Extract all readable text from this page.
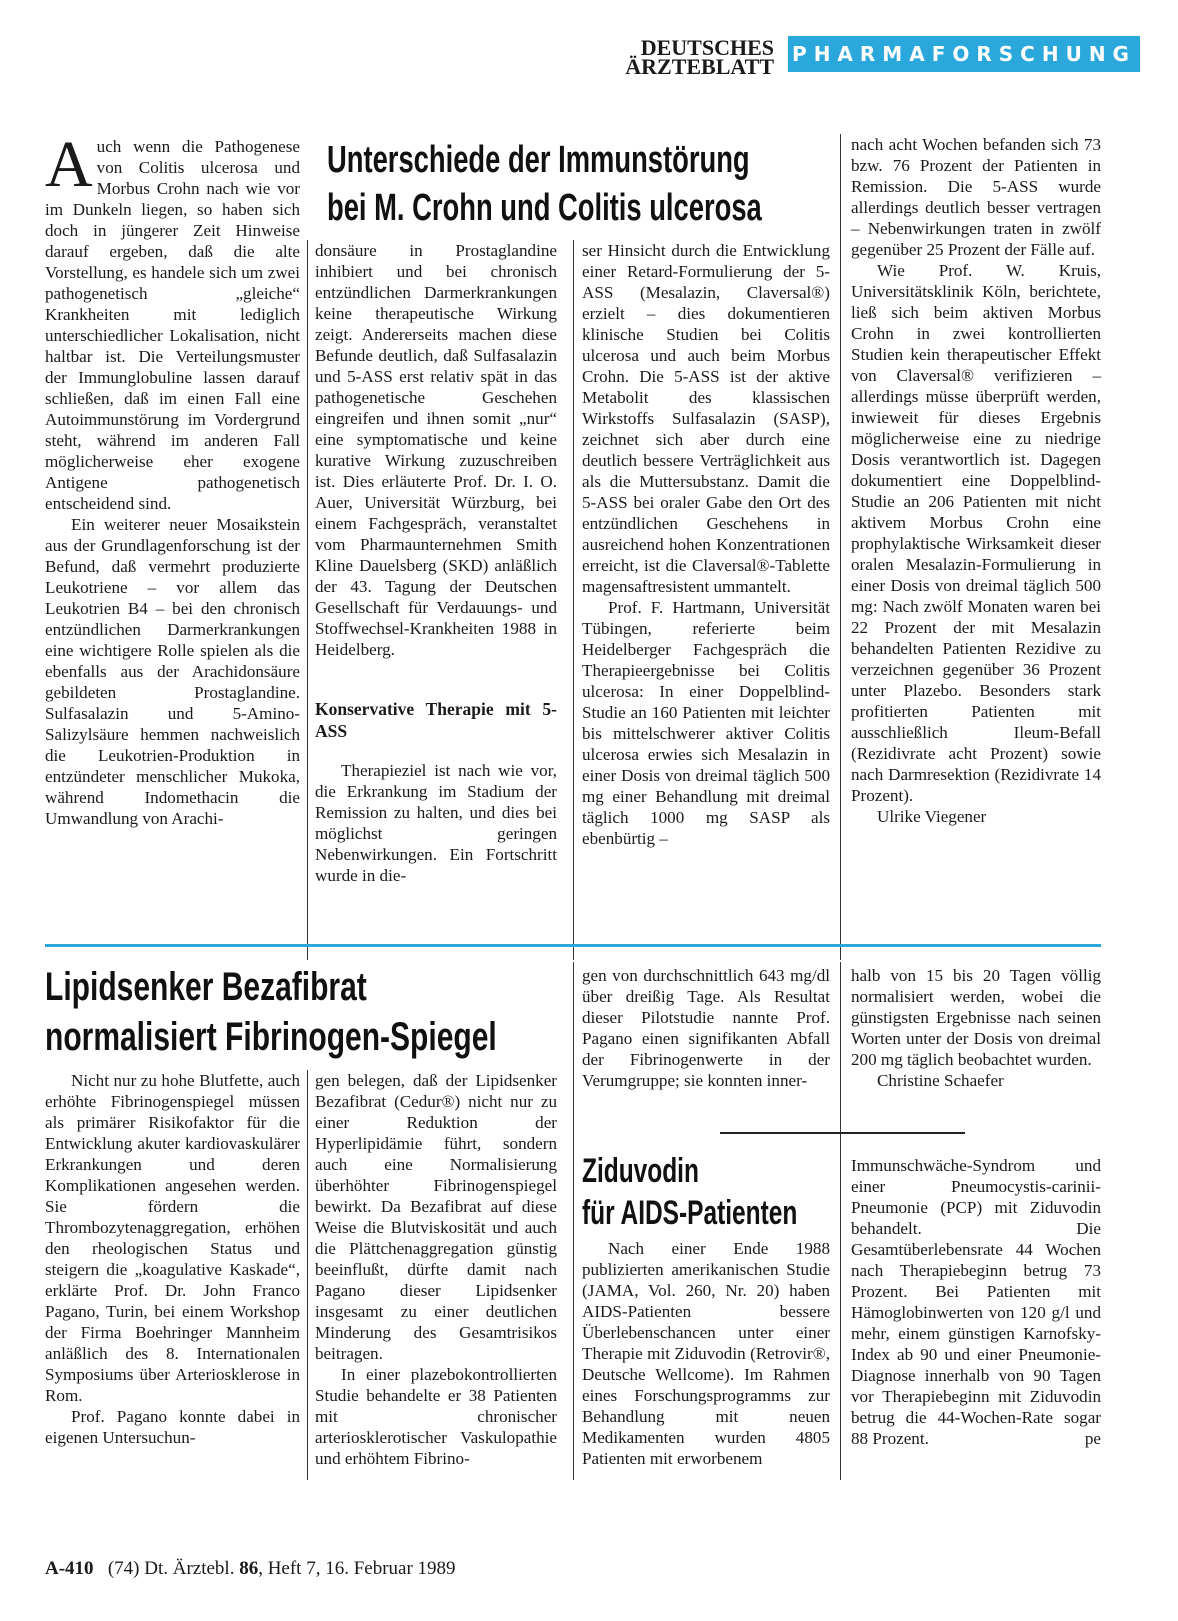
DEUTSCHES
ÄRZTEBLATT PHARMAFORSCHUNG
Unterschiede der Immunstörung
bei M. Crohn und Colitis ulcerosa

Auch wenn die Pathogenese von Colitis ulcerosa und Morbus Crohn nach wie vor im Dunkeln liegen, so haben sich doch in jüngerer Zeit Hinweise darauf ergeben, daß die alte Vorstellung, es handele sich um zwei pathogenetisch „gleiche“ Krankheiten mit lediglich unterschiedlicher Lokalisation, nicht haltbar ist. Die Verteilungsmuster der Immunglobuline lassen darauf schließen, daß im einen Fall eine Autoimmunstörung im Vordergrund steht, während im anderen Fall möglicherweise eher exogene Antigene pathogenetisch entscheidend sind.

Ein weiterer neuer Mosaikstein aus der Grundlagenforschung ist der Befund, daß vermehrt produzierte Leukotriene – vor allem das Leukotrien B4 – bei den chronisch entzündlichen Darmerkrankungen eine wichtigere Rolle spielen als die ebenfalls aus der Arachidonsäure gebildeten Prostaglandine. Sulfasalazin und 5-Amino-Salizylsäure hemmen nachweislich die Leukotrien-Produktion in entzündeter menschlicher Mukoka, während Indomethacin die Umwandlung von Arachi-

donsäure in Prostaglandine inhibiert und bei chronisch entzündlichen Darmerkrankungen keine therapeutische Wirkung zeigt. Andererseits machen diese Befunde deutlich, daß Sulfasalazin und 5-ASS erst relativ spät in das pathogenetische Geschehen eingreifen und ihnen somit „nur“ eine symptomatische und keine kurative Wirkung zuzuschreiben ist. Dies erläuterte Prof. Dr. I. O. Auer, Universität Würzburg, bei einem Fachgespräch, veranstaltet vom Pharmaunternehmen Smith Kline Dauelsberg (SKD) anläßlich der 43. Tagung der Deutschen Gesellschaft für Verdauungs- und Stoffwechsel-Krankheiten 1988 in Heidelberg.

Konservative Therapie mit 5-ASS

Therapieziel ist nach wie vor, die Erkrankung im Stadium der Remission zu halten, und dies bei möglichst geringen Nebenwirkungen. Ein Fortschritt wurde in die-

ser Hinsicht durch die Entwicklung einer Retard-Formulierung der 5-ASS (Mesalazin, Claversal®) erzielt – dies dokumentieren klinische Studien bei Colitis ulcerosa und auch beim Morbus Crohn. Die 5-ASS ist der aktive Metabolit des klassischen Wirkstoffs Sulfasalazin (SASP), zeichnet sich aber durch eine deutlich bessere Verträglichkeit aus als die Muttersubstanz. Damit die 5-ASS bei oraler Gabe den Ort des entzündlichen Geschehens in ausreichend hohen Konzentrationen erreicht, ist die Claversal®-Tablette magensaftresistent ummantelt.

Prof. F. Hartmann, Universität Tübingen, referierte beim Heidelberger Fachgespräch die Therapieergebnisse bei Colitis ulcerosa: In einer Doppelblind-Studie an 160 Patienten mit leichter bis mittelschwerer aktiver Colitis ulcerosa erwies sich Mesalazin in einer Dosis von dreimal täglich 500 mg einer Behandlung mit dreimal täglich 1000 mg SASP als ebenbürtig –

nach acht Wochen befanden sich 73 bzw. 76 Prozent der Patienten in Remission. Die 5-ASS wurde allerdings deutlich besser vertragen – Nebenwirkungen traten in zwölf gegenüber 25 Prozent der Fälle auf.

Wie Prof. W. Kruis, Universitätsklinik Köln, berichtete, ließ sich beim aktiven Morbus Crohn in zwei kontrollierten Studien kein therapeutischer Effekt von Claversal® verifizieren – allerdings müsse überprüft werden, inwieweit für dieses Ergebnis möglicherweise eine zu niedrige Dosis verantwortlich ist. Dagegen dokumentiert eine Doppelblind-Studie an 206 Patienten mit nicht aktivem Morbus Crohn eine prophylaktische Wirksamkeit dieser oralen Mesalazin-Formulierung in einer Dosis von dreimal täglich 500 mg: Nach zwölf Monaten waren bei 22 Prozent der mit Mesalazin behandelten Patienten Rezidive zu verzeichnen gegenüber 36 Prozent unter Plazebo. Besonders stark profitierten Patienten mit ausschließlich Ileum-Befall (Rezidivrate acht Prozent) sowie nach Darmresektion (Rezidivrate 14 Prozent).

Ulrike Viegener

Lipidsenker Bezafibrat
normalisiert Fibrinogen-Spiegel

Nicht nur zu hohe Blutfette, auch erhöhte Fibrinogenspiegel müssen als primärer Risikofaktor für die Entwicklung akuter kardiovaskulärer Erkrankungen und deren Komplikationen angesehen werden. Sie fördern die Thrombozytenaggregation, erhöhen den rheologischen Status und steigern die „koagulative Kaskade“, erklärte Prof. Dr. John Franco Pagano, Turin, bei einem Workshop der Firma Boehringer Mannheim anläßlich des 8. Internationalen Symposiums über Arteriosklerose in Rom.

Prof. Pagano konnte dabei in eigenen Untersuchun-

gen belegen, daß der Lipidsenker Bezafibrat (Cedur®) nicht nur zu einer Reduktion der Hyperlipidämie führt, sondern auch eine Normalisierung überhöhter Fibrinogenspiegel bewirkt. Da Bezafibrat auf diese Weise die Blutviskosität und auch die Plättchenaggregation günstig beeinflußt, dürfte damit nach Pagano dieser Lipidsenker insgesamt zu einer deutlichen Minderung des Gesamtrisikos beitragen.

In einer plazebokontrollierten Studie behandelte er 38 Patienten mit chronischer arteriosklerotischer Vaskulopathie und erhöhtem Fibrino-

gen von durchschnittlich 643 mg/dl über dreißig Tage. Als Resultat dieser Pilotstudie nannte Prof. Pagano einen signifikanten Abfall der Fibrinogenwerte in der Verumgruppe; sie konnten inner-

halb von 15 bis 20 Tagen völlig normalisiert werden, wobei die günstigsten Ergebnisse nach seinen Worten unter der Dosis von dreimal 200 mg täglich beobachtet wurden.

Christine Schaefer

Ziduvodin
für AIDS-Patienten

Nach einer Ende 1988 publizierten amerikanischen Studie (JAMA, Vol. 260, Nr. 20) haben AIDS-Patienten bessere Überlebenschancen unter einer Therapie mit Ziduvodin (Retrovir®, Deutsche Wellcome). Im Rahmen eines Forschungsprogramms zur Behandlung mit neuen Medikamenten wurden 4805 Patienten mit erworbenem

Immunschwäche-Syndrom und einer Pneumocystis-carinii-Pneumonie (PCP) mit Ziduvodin behandelt. Die Gesamtüberlebensrate 44 Wochen nach Therapiebeginn betrug 73 Prozent. Bei Patienten mit Hämoglobinwerten von 120 g/l und mehr, einem günstigen Karnofsky-Index ab 90 und einer Pneumonie-Diagnose innerhalb von 90 Tagen vor Therapiebeginn mit Ziduvodin betrug die 44-Wochen-Rate sogar 88 Prozent.	pe

A-410 (74) Dt. Ärztebl. 86, Heft 7, 16. Februar 1989
